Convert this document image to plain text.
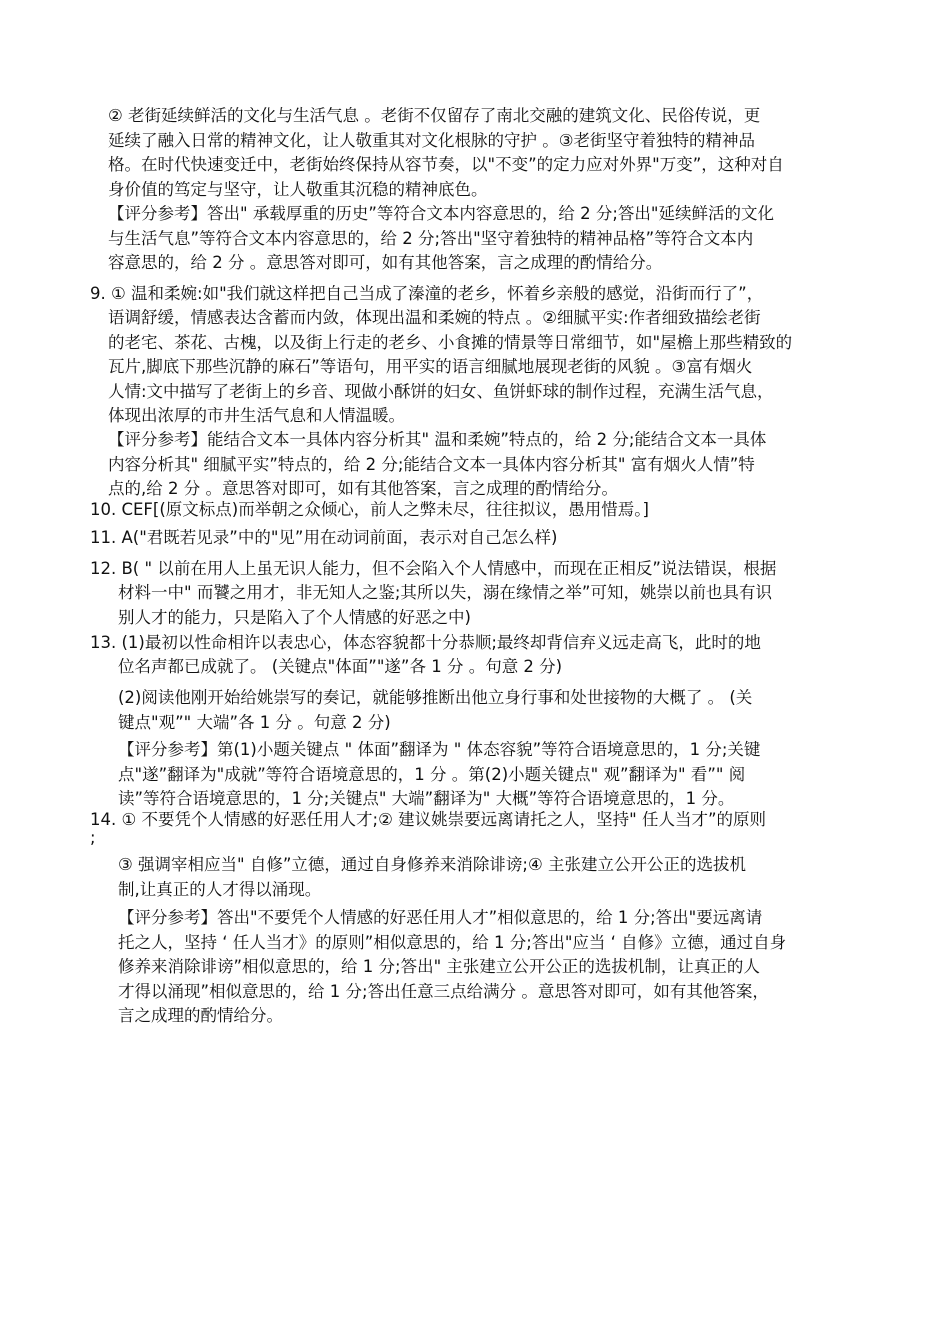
② 老街延续鲜活的文化与生活气息 。老街不仅留存了南北交融的建筑文化、民俗传说，更
延续了融入日常的精神文化，让人敬重其对文化根脉的守护 。③老街坚守着独特的精神品
格。在时代快速变迁中，老街始终保持从容节奏，以"不变”的定力应对外界"万变”，这种对自
身价值的笃定与坚守，让人敬重其沉稳的精神底色。
【评分参考】答出" 承载厚重的历史”等符合文本内容意思的，给 2 分;答出"延续鲜活的文化
与生活气息”等符合文本内容意思的，给 2 分;答出"坚守着独特的精神品格”等符合文本内
容意思的，给 2 分 。意思答对即可，如有其他答案，言之成理的酌情给分。
9. ① 温和柔婉:如"我们就这样把自己当成了溱潼的老乡，怀着乡亲般的感觉，沿街而行了”，
语调舒缓，情感表达含蓄而内敛，体现出温和柔婉的特点 。②细腻平实:作者细致描绘老街
的老宅、茶花、古槐，以及街上行走的老乡、小食摊的情景等日常细节，如"屋檐上那些精致的
瓦片,脚底下那些沉静的麻石”等语句，用平实的语言细腻地展现老街的风貌 。③富有烟火
人情:文中描写了老街上的乡音、现做小酥饼的妇女、鱼饼虾球的制作过程，充满生活气息，
体现出浓厚的市井生活气息和人情温暖。
【评分参考】能结合文本一具体内容分析其" 温和柔婉”特点的，给 2 分;能结合文本一具体
内容分析其" 细腻平实”特点的，给 2 分;能结合文本一具体内容分析其" 富有烟火人情”特
点的,给 2 分 。意思答对即可，如有其他答案，言之成理的酌情给分。
10. CEF[(原文标点)而举朝之众倾心，前人之弊未尽，往往拟议，愚用惜焉。]
11. A("君既若见录”中的"见”用在动词前面，表示对自己怎么样)
12. B( " 以前在用人上虽无识人能力，但不会陷入个人情感中，而现在正相反”说法错误，根据
材料一中" 而饕之用才，非无知人之鉴;其所以失，溺在缘情之举”可知，姚崇以前也具有识
别人才的能力，只是陷入了个人情感的好恶之中)
13. (1)最初以性命相许以表忠心，体态容貌都十分恭顺;最终却背信弃义远走高飞，此时的地
位名声都已成就了。 (关键点"体面”"遂”各 1 分 。句意 2 分)
(2)阅读他刚开始给姚崇写的奏记，就能够推断出他立身行事和处世接物的大概了 。 (关
键点"观”" 大端”各 1 分 。句意 2 分)
【评分参考】第(1)小题关键点 " 体面”翻译为 " 体态容貌”等符合语境意思的，1 分;关键
点"遂”翻译为"成就”等符合语境意思的，1 分 。第(2)小题关键点" 观”翻译为" 看”" 阅
读”等符合语境意思的，1 分;关键点" 大端”翻译为" 大概”等符合语境意思的，1 分。
14. ① 不要凭个人情感的好恶任用人才;② 建议姚崇要远离请托之人，坚持" 任人当才”的原则
;
③ 强调宰相应当" 自修”立德，通过自身修养来消除诽谤;④ 主张建立公开公正的选拔机
制,让真正的人才得以涌现。
【评分参考】答出"不要凭个人情感的好恶任用人才”相似意思的，给 1 分;答出"要远离请
托之人，坚持 ‘ 任人当才》的原则”相似意思的，给 1 分;答出"应当 ‘ 自修》立德，通过自身
修养来消除诽谤”相似意思的，给 1 分;答出" 主张建立公开公正的选拔机制，让真正的人
才得以涌现”相似意思的，给 1 分;答出任意三点给满分 。意思答对即可，如有其他答案，
言之成理的酌情给分。
